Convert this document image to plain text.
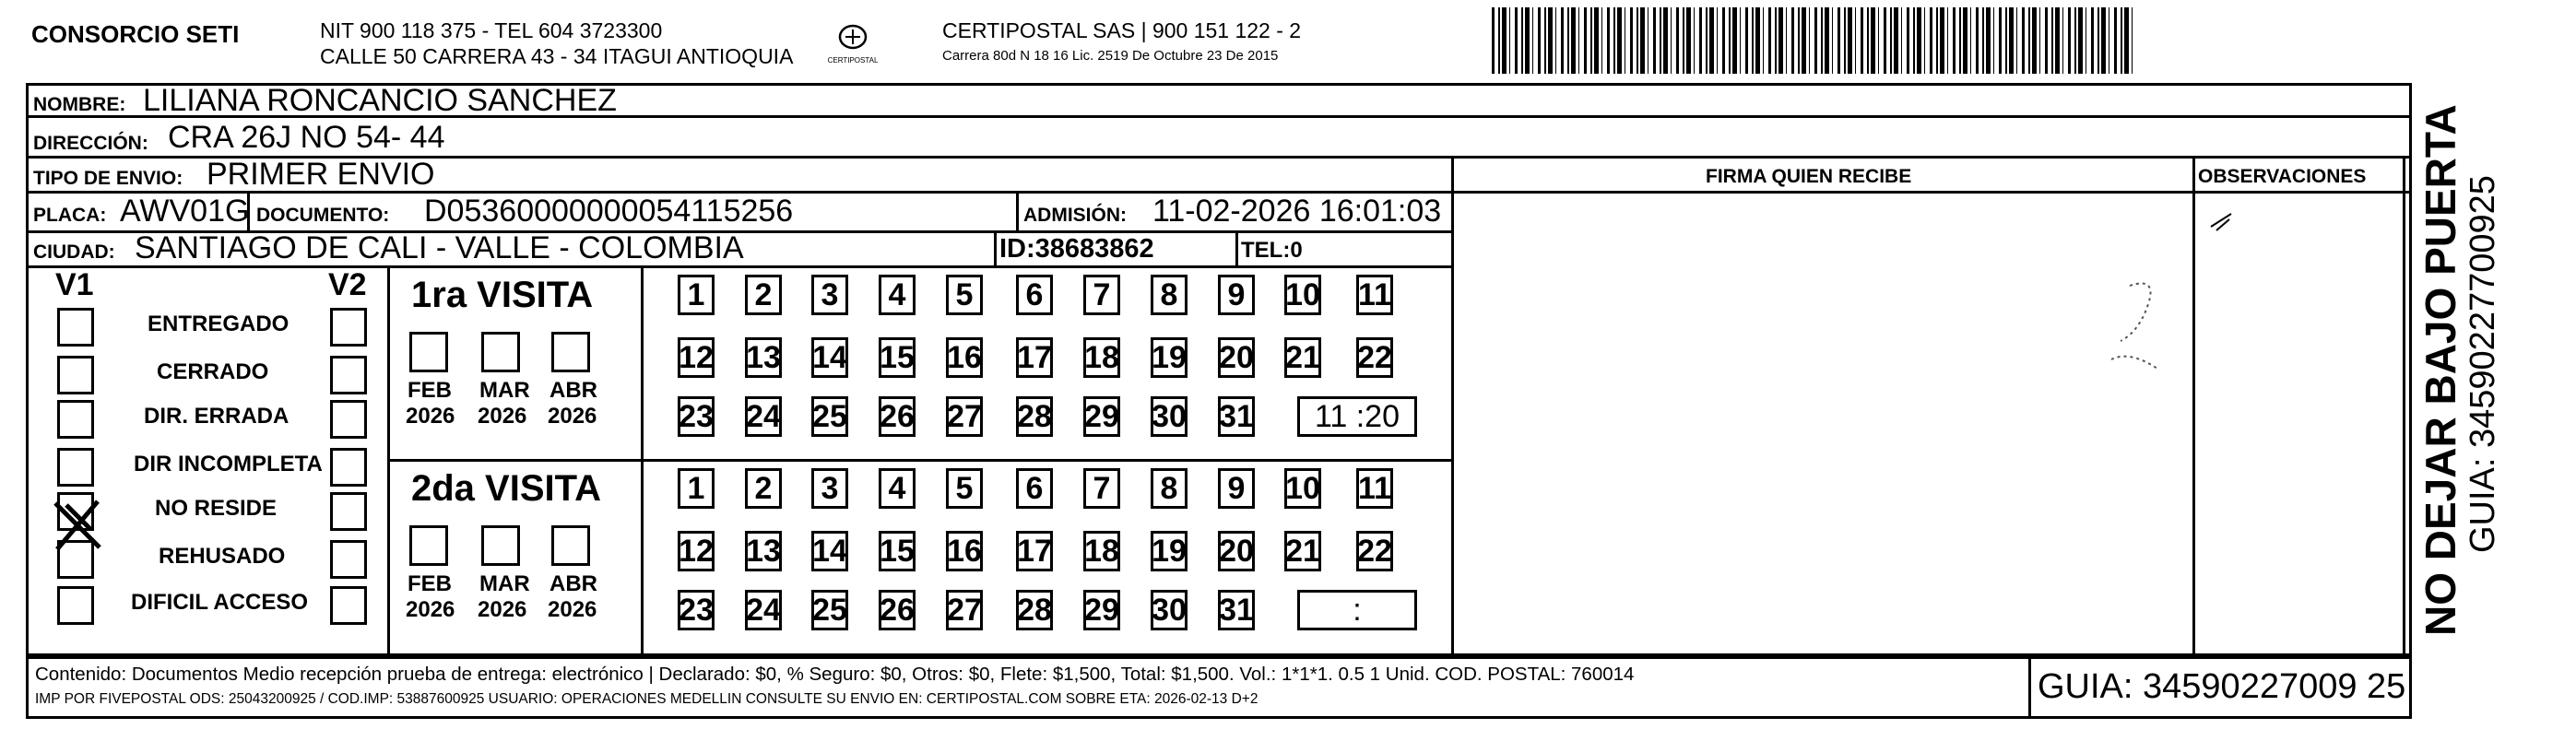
CONSORCIO SETI	NIT 900 118 375 - TEL 604 3723300
CALLE 50 CARRERA 43 - 34 ITAGUI ANTIOQUIA	CERTIPOSTAL
CERTIPOSTAL SAS | 900 151 122 - 2
Carrera 80d N 18 16 Lic. 2519 De Octubre 23 De 2015
NOMBRE: LILIANA RONCANCIO SANCHEZ
DIRECCIÓN: CRA 26J NO 54- 44
TIPO DE ENVIO: PRIMER ENVIO	FIRMA QUIEN RECIBE	OBSERVACIONES
PLACA: AWV01G DOCUMENTO: D05360000000054115256	ADMISIÓN: 11-02-2026 16:01:03
CIUDAD: SANTIAGO DE CALI - VALLE - COLOMBIA	ID:38683862	TEL:0
V1	V2
ENTREGADO
CERRADO
DIR. ERRADA
DIR INCOMPLETA
NO RESIDE
REHUSADO
DIFICIL ACCESO
1ra VISITA
2da VISITA
FEB
2026
MAR
2026
ABR
2026
1	2	3	4	5	6	7	8	9	10 11
12 13 14 15 16 17 18 19 20 21 22
23 24 25 26 27 28 29 30 31	11 :20
FEB
2026
MAR
2026
ABR
2026
1	2	3	4	5	6	7	8	9	10 11
12 13 14 15 16 17 18 19 20 21 22
23 24 25 26 27 28 29 30 31	:
Contenido: Documentos Medio recepción prueba de entrega: electrónico | Declarado: $0, % Seguro: $0, Otros: $0, Flete: $1,500, Total: $1,500. Vol.: 1*1*1. 0.5 1 Unid. COD. POSTAL: 760014
IMP POR FIVEPOSTAL ODS: 25043200925 / COD.IMP: 53887600925 USUARIO: OPERACIONES MEDELLIN CONSULTE SU ENVIO EN: CERTIPOSTAL.COM SOBRE ETA: 2026-02-13 D+2	GUIA: 34590227009 25
NO DEJAR BAJO PUERTA GUIA: 34590227700925
